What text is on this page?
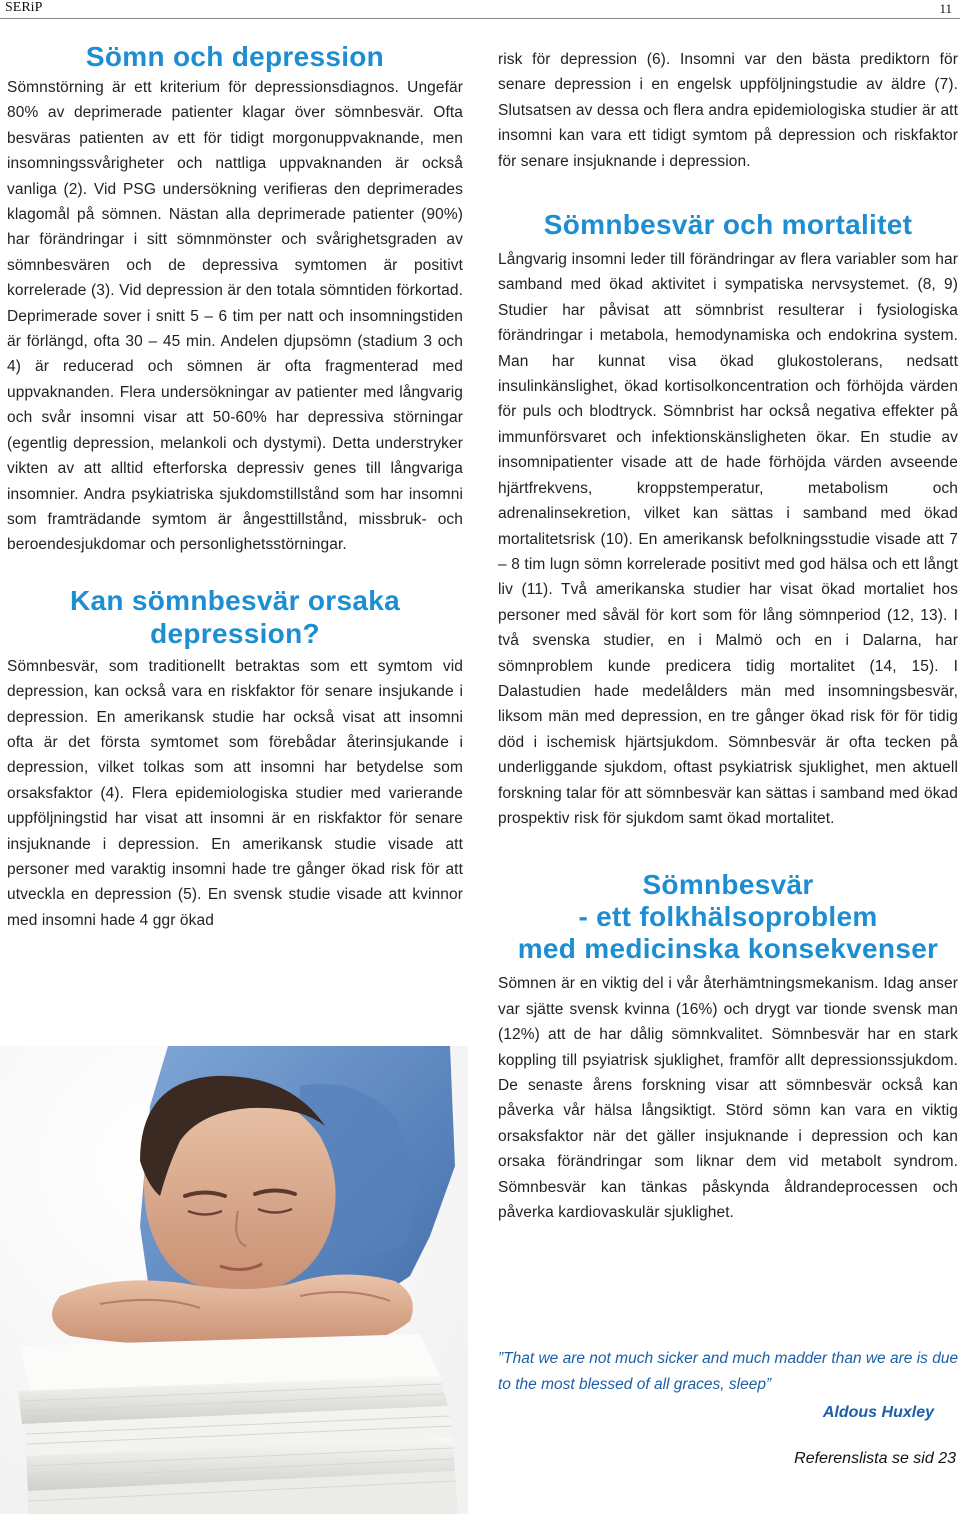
SERiP	11
Sömn och depression

Sömnstörning är ett kriterium för depressionsdiagnos. Ungefär 80% av deprimerade patienter klagar över sömnbesvär. Ofta besväras patienten av ett för tidigt morgonuppvaknande, men insomningssvårigheter och nattliga uppvaknanden är också vanliga (2). Vid PSG undersökning verifieras den deprimerades klagomål på sömnen. Nästan alla deprimerade patienter (90%) har förändringar i sitt sömnmönster och svårighetsgraden av sömnbesvären och de depressiva symtomen är positivt korrelerade (3). Vid depression är den totala sömntiden förkortad. Deprimerade sover i snitt 5 – 6 tim per natt och insomningstiden är förlängd, ofta 30 – 45 min. Andelen djupsömn (stadium 3 och 4) är reducerad och sömnen är ofta fragmenterad med uppvaknanden. Flera undersökningar av patienter med långvarig och svår insomni visar att 50-60% har depressiva störningar (egentlig depression, melankoli och dystymi). Detta understryker vikten av att alltid efterforska depressiv genes till långvariga insomnier. Andra psykiatriska sjukdomstillstånd som har insomni som framträdande symtom är ångesttillstånd, missbruk- och beroendesjukdomar och personlighetsstörningar.

Kan sömnbesvär orsaka depression?

Sömnbesvär, som traditionellt betraktas som ett symtom vid depression, kan också vara en riskfaktor för senare insjukande i depression. En amerikansk studie har också visat att insomni ofta är det första symtomet som förebådar återinsjukande i depression, vilket tolkas som att insomni har betydelse som orsaksfaktor (4). Flera epidemiologiska studier med varierande uppföljningstid har visat att insomni är en riskfaktor för senare insjuknande i depression. En amerikansk studie visade att personer med varaktig insomni hade tre gånger ökad risk för att utveckla en depression (5). En svensk studie visade att kvinnor med insomni hade 4 ggr ökad

risk för depression (6). Insomni var den bästa prediktorn för senare depression i en engelsk uppföljningstudie av äldre (7). Slutsatsen av dessa och flera andra epidemiologiska studier är att insomni kan vara ett tidigt symtom på depression och riskfaktor för senare insjuknande i depression.

Sömnbesvär och mortalitet

Långvarig insomni leder till förändringar av flera variabler som har samband med ökad aktivitet i sympatiska nervsystemet. (8, 9) Studier har påvisat att sömnbrist resulterar i fysiologiska förändringar i metabola, hemodynamiska och endokrina system. Man har kunnat visa ökad glukostolerans, nedsatt insulinkänslighet, ökad kortisolkoncentration och förhöjda värden för puls och blodtryck. Sömnbrist har också negativa effekter på immunförsvaret och infektionskänsligheten ökar. En studie av insomnipatienter visade att de hade förhöjda värden avseende hjärtfrekvens, kroppstemperatur, metabolism och adrenalinsekretion, vilket kan sättas i samband med ökad mortalitetsrisk (10). En amerikansk befolkningsstudie visade att 7 – 8 tim lugn sömn korrelerade positivt med god hälsa och ett långt liv (11). Två amerikanska studier har visat ökad mortaliet hos personer med såväl för kort som för lång sömnperiod (12, 13). I två svenska studier, en i Malmö och en i Dalarna, har sömnproblem kunde predicera tidig mortalitet (14, 15). I Dalastudien hade medelålders män med insomningsbesvär, liksom män med depression, en tre gånger ökad risk för för tidig död i ischemisk hjärtsjukdom. Sömnbesvär är ofta tecken på underliggande sjukdom, oftast psykiatrisk sjuklighet, men aktuell forskning talar för att sömnbesvär kan sättas i samband med ökad prospektiv risk för sjukdom samt ökad mortalitet.

Sömnbesvär
- ett folkhälsoproblem
med medicinska konsekvenser

Sömnen är en viktig del i vår återhämtningsmekanism. Idag anser var sjätte svensk kvinna (16%) och drygt var tionde svensk man (12%) att de har dålig sömnkvalitet. Sömnbesvär har en stark koppling till psyiatrisk sjuklighet, framför allt depressionssjukdom. De senaste årens forskning visar att sömnbesvär också kan påverka vår hälsa långsiktigt. Störd sömn kan vara en viktig orsaksfaktor när det gäller insjuknande i depression och kan orsaka förändringar som liknar dem vid metabolt syndrom. Sömnbesvär kan tänkas påskynda åldrandeprocessen och påverka kardiovaskulär sjuklighet.

”That we are not much sicker and much madder than we are is due to the most blessed of all graces, sleep”

Aldous Huxley

Referenslista se sid 23
